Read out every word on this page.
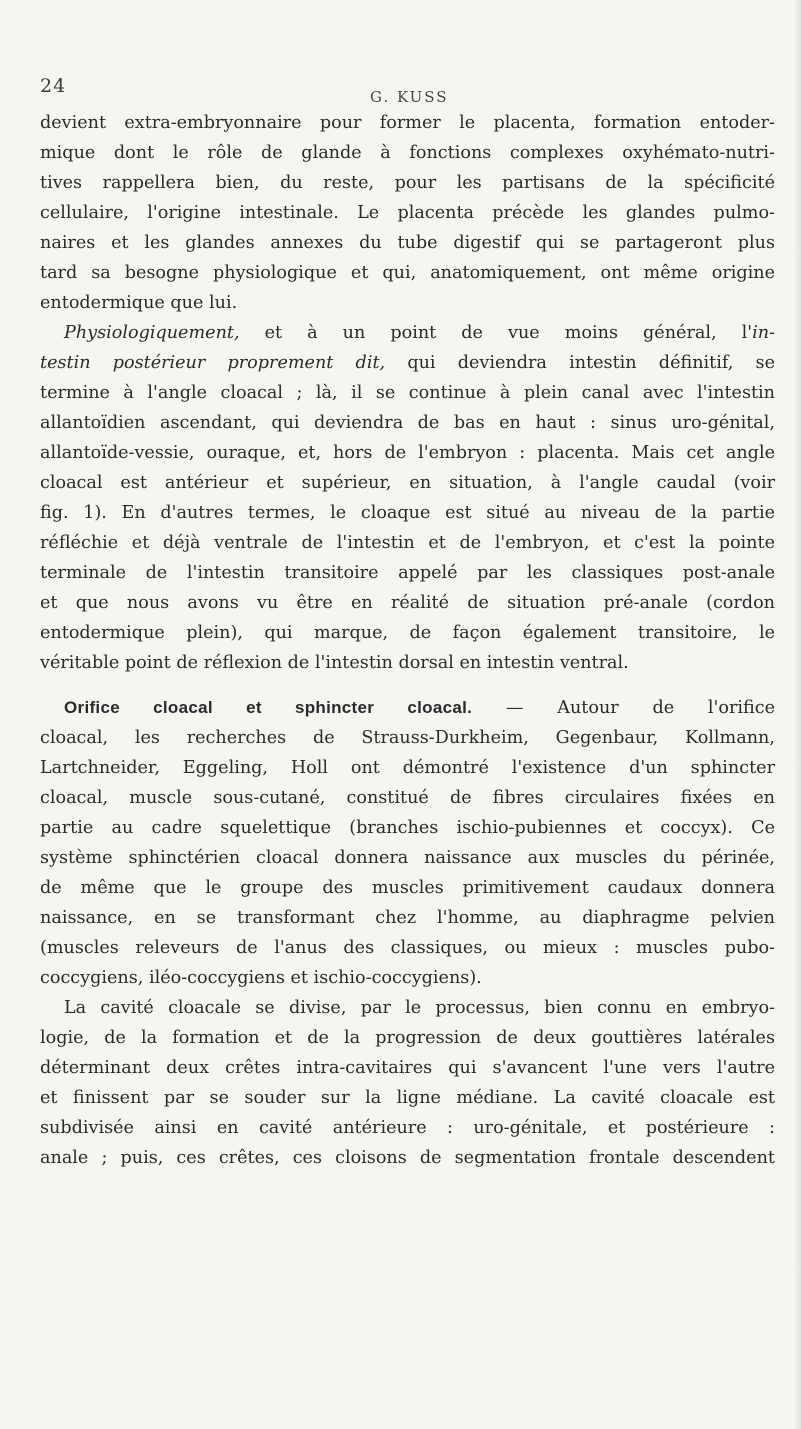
24	G. KUSS
devient extra-embryonnaire pour former le placenta, formation entoder-
mique dont le rôle de glande à fonctions complexes oxyhémato-nutri-
tives rappellera bien, du reste, pour les partisans de la spécificité
cellulaire, l'origine intestinale. Le placenta précède les glandes pulmo-
naires et les glandes annexes du tube digestif qui se partageront plus
tard sa besogne physiologique et qui, anatomiquement, ont même origine
entodermique que lui.
Physiologiquement, et à un point de vue moins général, l'in-
testin postérieur proprement dit, qui deviendra intestin définitif, se
termine à l'angle cloacal ; là, il se continue à plein canal avec l'intestin
allantoïdien ascendant, qui deviendra de bas en haut : sinus uro-génital,
allantoïde-vessie, ouraque, et, hors de l'embryon : placenta. Mais cet angle
cloacal est antérieur et supérieur, en situation, à l'angle caudal (voir
fig. 1). En d'autres termes, le cloaque est situé au niveau de la partie
réfléchie et déjà ventrale de l'intestin et de l'embryon, et c'est la pointe
terminale de l'intestin transitoire appelé par les classiques post-anale
et que nous avons vu être en réalité de situation pré-anale (cordon
entodermique plein), qui marque, de façon également transitoire, le
véritable point de réflexion de l'intestin dorsal en intestin ventral.
Orifice cloacal et sphincter cloacal. — Autour de l'orifice
cloacal, les recherches de Strauss-Durkheim, Gegenbaur, Kollmann,
Lartchneider, Eggeling, Holl ont démontré l'existence d'un sphincter
cloacal, muscle sous-cutané, constitué de fibres circulaires fixées en
partie au cadre squelettique (branches ischio-pubiennes et coccyx). Ce
système sphinctérien cloacal donnera naissance aux muscles du périnée,
de même que le groupe des muscles primitivement caudaux donnera
naissance, en se transformant chez l'homme, au diaphragme pelvien
(muscles releveurs de l'anus des classiques, ou mieux : muscles pubo-
coccygiens, iléo-coccygiens et ischio-coccygiens).
La cavité cloacale se divise, par le processus, bien connu en embryo-
logie, de la formation et de la progression de deux gouttières latérales
déterminant deux crêtes intra-cavitaires qui s'avancent l'une vers l'autre
et finissent par se souder sur la ligne médiane. La cavité cloacale est
subdivisée ainsi en cavité antérieure : uro-génitale, et postérieure :
anale ; puis, ces crêtes, ces cloisons de segmentation frontale descendent
